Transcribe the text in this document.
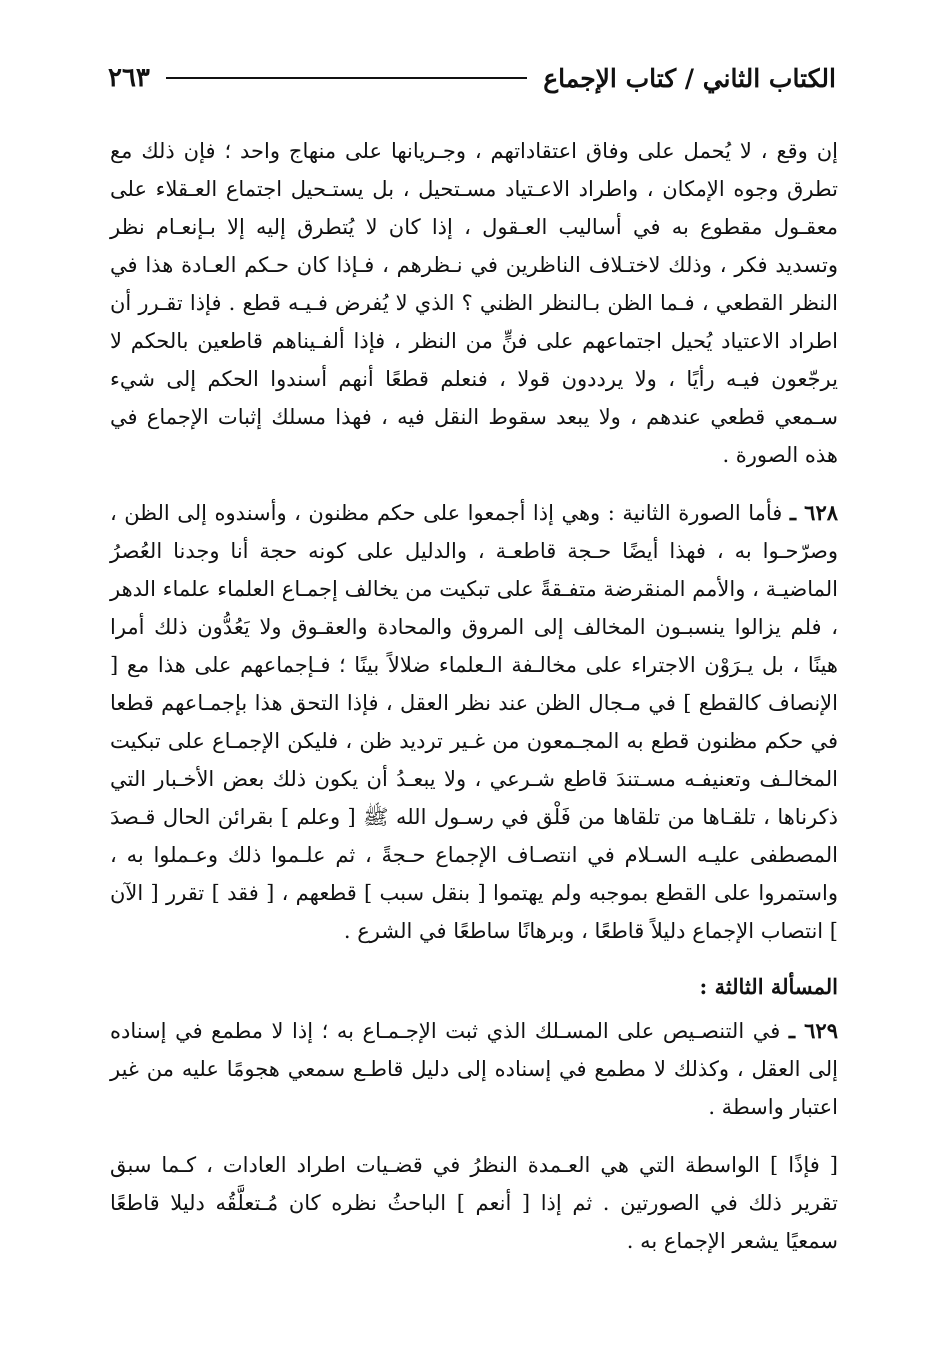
الكتاب الثاني / كتاب الإجماع
٢٦٣

إن وقع ، لا يُحمل على وفاق اعتقاداتهم ، وجـريانها على منهاج واحد ؛ فإن ذلك مع تطرق وجوه الإمكان ، واطراد الاعـتياد مسـتحيل ، بل يستـحيل اجتماع العـقلاء على معقـول مقطوع به في أساليب العـقول ، إذا كان لا يُتطرق إليه إلا بـإنعـام نظر وتسديد فكر ، وذلك لاختـلاف الناظرين في نـظرهم ، فـإذا كان حـكم العـادة هذا في النظر القطعي ، فـما الظن بـالنظر الظني ؟ الذي لا يُفرض فـيـه قطع . فإذا تقـرر أن اطراد الاعتياد يُحيل اجتماعهم على فنٍّ من النظر ، فإذا ألفـيناهم قاطعين بالحكم لا يرجّعون فيـه رأيًا ، ولا يرددون قولا ، فنعلم قطعًا أنهم أسندوا الحكم إلى شيء سـمعي قطعي عندهم ، ولا يبعد سقوط النقل فيه ، فهذا مسلك إثبات الإجماع في هذه الصورة .

٦٢٨ ـ فأما الصورة الثانية : وهي إذا أجمعوا على حكم مظنون ، وأسندوه إلى الظن ، وصرّحـوا به ، فهذا أيضًا حـجة قاطعـة ، والدليل على كونه حجة أنا وجدنا العُصرُ الماضيـة ، والأمم المنقرضة متفـقةً على تبكيت من يخالف إجمـاع العلماء علماء الدهر ، فلم يزالوا ينسبـون المخالف إلى المروق والمحادة والعقـوق ولا يَعُدُّون ذلك أمرا هينًا ، بل يـرَوْن الاجتراء على مخالـفة الـعلماء ضلالاً بينًا ؛ فـإجماعهم على هذا مع [ الإنصاف كالقطع ] في مـجال الظن عند نظر العقل ، فإذا التحق هذا بإجمـاعهم قطعا في حكم مظنون قطع به المجـمعون من غـير ترديد ظن ، فليكن الإجمـاع على تبكيت المخالـف وتعنيفـه مسـتندَ قاطع شـرعي ، ولا يبعـدُ أن يكون ذلك بعض الأخـبار التي ذكرناها ، تلقـاها من تلقاها من فَلْق في رسـول الله ﷺ [ وعلم ] بقرائن الحال قـصدَ المصطفى عليـه السـلام في انتصـاف الإجماع حـجةً ، ثم علـموا ذلك وعـملوا به ، واستمروا على القطع بموجبه ولم يهتموا [ بنقل سبب ] قطعهم ، [ فقد ] تقرر [ الآن ] انتصاب الإجماع دليلاً قاطعًا ، وبرهانًا ساطعًا في الشرع .

المسألة الثالثة :

٦٢٩ ـ في التنصـيص على المسـلك الذي ثبت الإجـمـاع به ؛ إذا لا مطمع في إسناده إلى العقل ، وكذلك لا مطمع في إسناده إلى دليل قاطـع سمعي هجومًا عليه من غير اعتبار واسطة .

[ فإذًا ] الواسطة التي هي العـمدة النظرُ في قضـيات اطراد العادات ، كـما سبق تقرير ذلك في الصورتين . ثم إذا [ أنعم ] الباحثُ نظره كان مُـتعلَّقُه دليلا قاطعًا سمعيًا يشعر الإجماع به .
